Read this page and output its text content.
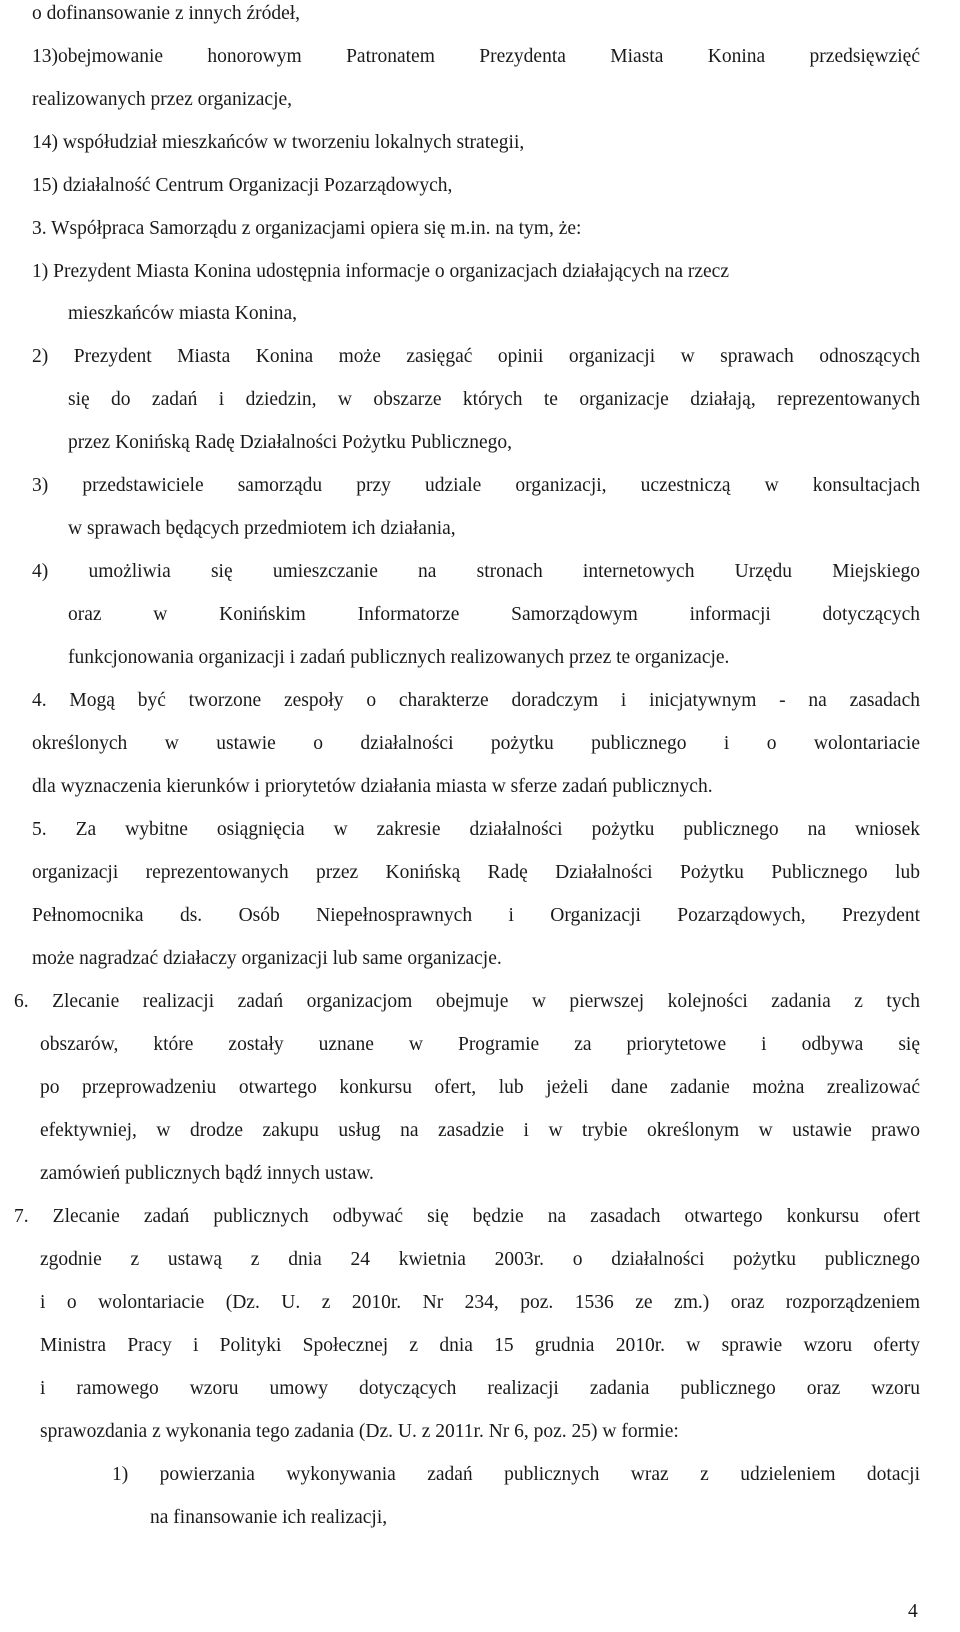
o dofinansowanie z innych źródeł,
13)obejmowanie honorowym Patronatem Prezydenta Miasta Konina przedsięwzięć
realizowanych przez organizacje,
14) współudział mieszkańców w tworzeniu lokalnych strategii,
15) działalność Centrum Organizacji Pozarządowych,
3. Współpraca Samorządu z organizacjami opiera się m.in. na tym, że:
1) Prezydent Miasta Konina udostępnia informacje o organizacjach działających na rzecz
mieszkańców miasta Konina,
2) Prezydent Miasta Konina może zasięgać opinii organizacji w sprawach odnoszących
się do zadań i dziedzin, w obszarze których te organizacje działają, reprezentowanych
przez Konińską Radę Działalności Pożytku Publicznego,
3) przedstawiciele samorządu przy udziale organizacji, uczestniczą w konsultacjach
w sprawach będących przedmiotem ich działania,
4) umożliwia się umieszczanie na stronach internetowych Urzędu Miejskiego
oraz w Konińskim Informatorze Samorządowym informacji dotyczących
funkcjonowania organizacji i zadań publicznych realizowanych przez te organizacje.
4. Mogą być tworzone zespoły o charakterze doradczym i inicjatywnym - na zasadach
określonych w ustawie o działalności pożytku publicznego i o wolontariacie
dla wyznaczenia kierunków i priorytetów działania miasta w sferze zadań publicznych.
5. Za wybitne osiągnięcia w zakresie działalności pożytku publicznego na wniosek
organizacji reprezentowanych przez Konińską Radę Działalności Pożytku Publicznego lub
Pełnomocnika ds. Osób Niepełnosprawnych i Organizacji Pozarządowych, Prezydent
może nagradzać działaczy organizacji lub same organizacje.
6. Zlecanie realizacji zadań organizacjom obejmuje w pierwszej kolejności zadania z tych
obszarów, które zostały uznane w Programie za priorytetowe i odbywa się
po przeprowadzeniu otwartego konkursu ofert, lub jeżeli dane zadanie można zrealizować
efektywniej, w drodze zakupu usług na zasadzie i w trybie określonym w ustawie prawo
zamówień publicznych bądź innych ustaw.
7. Zlecanie zadań publicznych odbywać się będzie na zasadach otwartego konkursu ofert
zgodnie z ustawą z dnia 24 kwietnia 2003r. o działalności pożytku publicznego
i o wolontariacie (Dz. U. z 2010r. Nr 234, poz. 1536 ze zm.) oraz rozporządzeniem
Ministra Pracy i Polityki Społecznej z dnia 15 grudnia 2010r. w sprawie wzoru oferty
i ramowego wzoru umowy dotyczących realizacji zadania publicznego oraz wzoru
sprawozdania z wykonania tego zadania (Dz. U. z 2011r. Nr 6, poz. 25) w formie:
1) powierzania wykonywania zadań publicznych wraz z udzieleniem dotacji
na finansowanie ich realizacji,
4
